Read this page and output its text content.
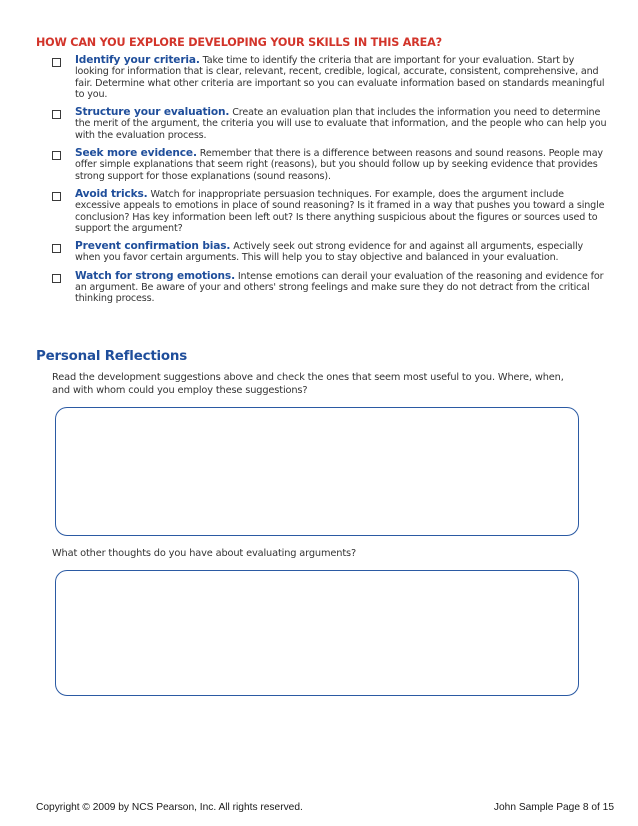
HOW CAN YOU EXPLORE DEVELOPING YOUR SKILLS IN THIS AREA?
Identify your criteria. Take time to identify the criteria that are important for your evaluation. Start by looking for information that is clear, relevant, recent, credible, logical, accurate, consistent, comprehensive, and fair. Determine what other criteria are important so you can evaluate information based on standards meaningful to you.
Structure your evaluation. Create an evaluation plan that includes the information you need to determine the merit of the argument, the criteria you will use to evaluate that information, and the people who can help you with the evaluation process.
Seek more evidence. Remember that there is a difference between reasons and sound reasons. People may offer simple explanations that seem right (reasons), but you should follow up by seeking evidence that provides strong support for those explanations (sound reasons).
Avoid tricks. Watch for inappropriate persuasion techniques. For example, does the argument include excessive appeals to emotions in place of sound reasoning? Is it framed in a way that pushes you toward a single conclusion? Has key information been left out? Is there anything suspicious about the figures or sources used to support the argument?
Prevent confirmation bias. Actively seek out strong evidence for and against all arguments, especially when you favor certain arguments. This will help you to stay objective and balanced in your evaluation.
Watch for strong emotions. Intense emotions can derail your evaluation of the reasoning and evidence for an argument. Be aware of your and others' strong feelings and make sure they do not detract from the critical thinking process.
Personal Reflections
Read the development suggestions above and check the ones that seem most useful to you. Where, when, and with whom could you employ these suggestions?
What other thoughts do you have about evaluating arguments?
Copyright © 2009 by NCS Pearson, Inc. All rights reserved.	John Sample Page 8 of 15
